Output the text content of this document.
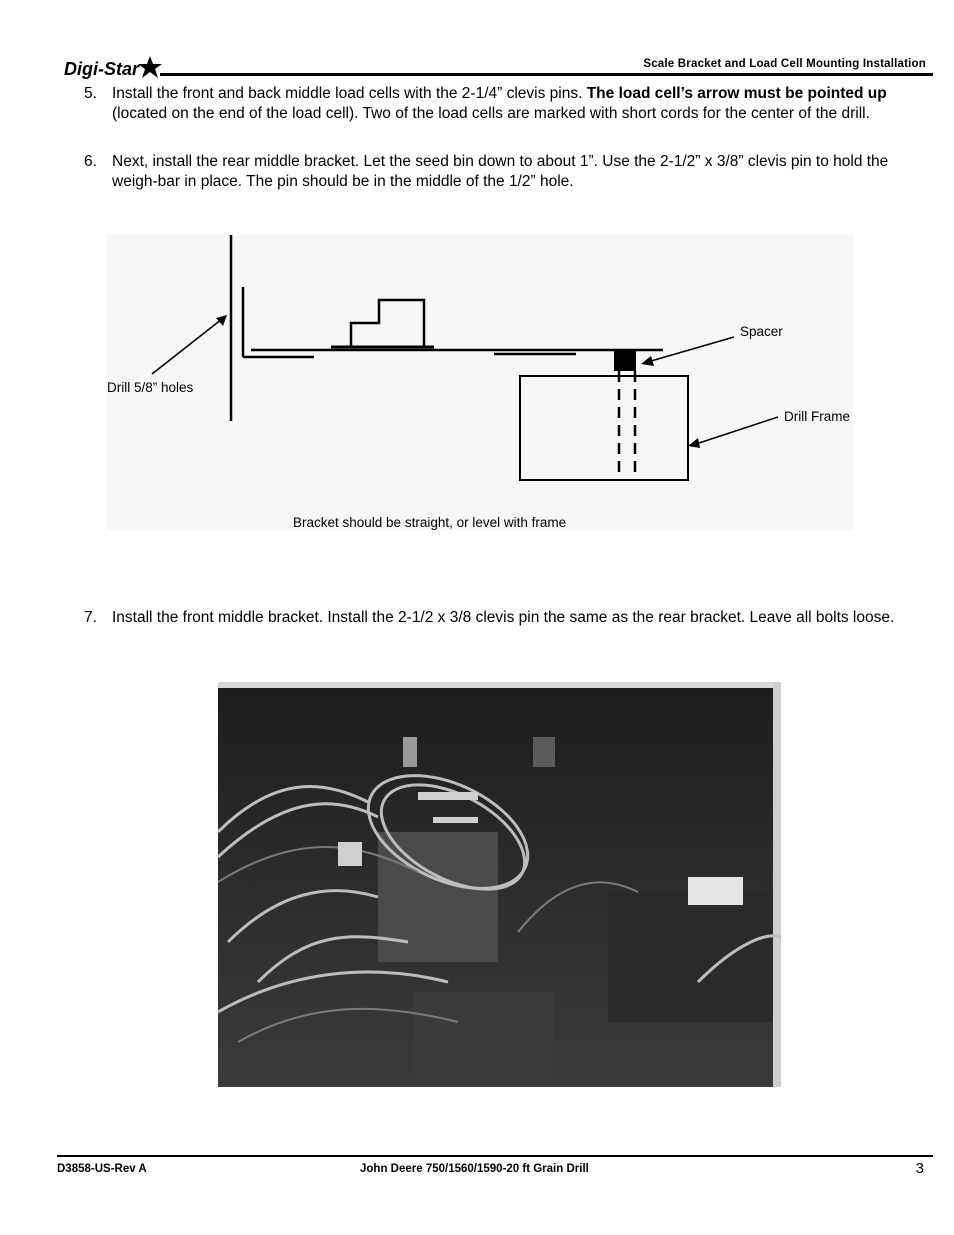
Digi-Star	Scale Bracket and Load Cell Mounting Installation
5. Install the front and back middle load cells with the 2-1/4” clevis pins. The load cell’s arrow must be pointed up (located on the end of the load cell). Two of the load cells are marked with short cords for the center of the drill.
6. Next, install the rear middle bracket. Let the seed bin down to about 1”. Use the 2-1/2” x 3/8” clevis pin to hold the weigh-bar in place. The pin should be in the middle of the 1/2” hole.
Spacer
Drill Frame
Drill 5/8” holes
Bracket should be straight, or level with frame
7. Install the front middle bracket. Install the 2-1/2 x 3/8 clevis pin the same as the rear bracket. Leave all bolts loose.
D3858-US-Rev A	John Deere 750/1560/1590-20 ft Grain Drill	3
